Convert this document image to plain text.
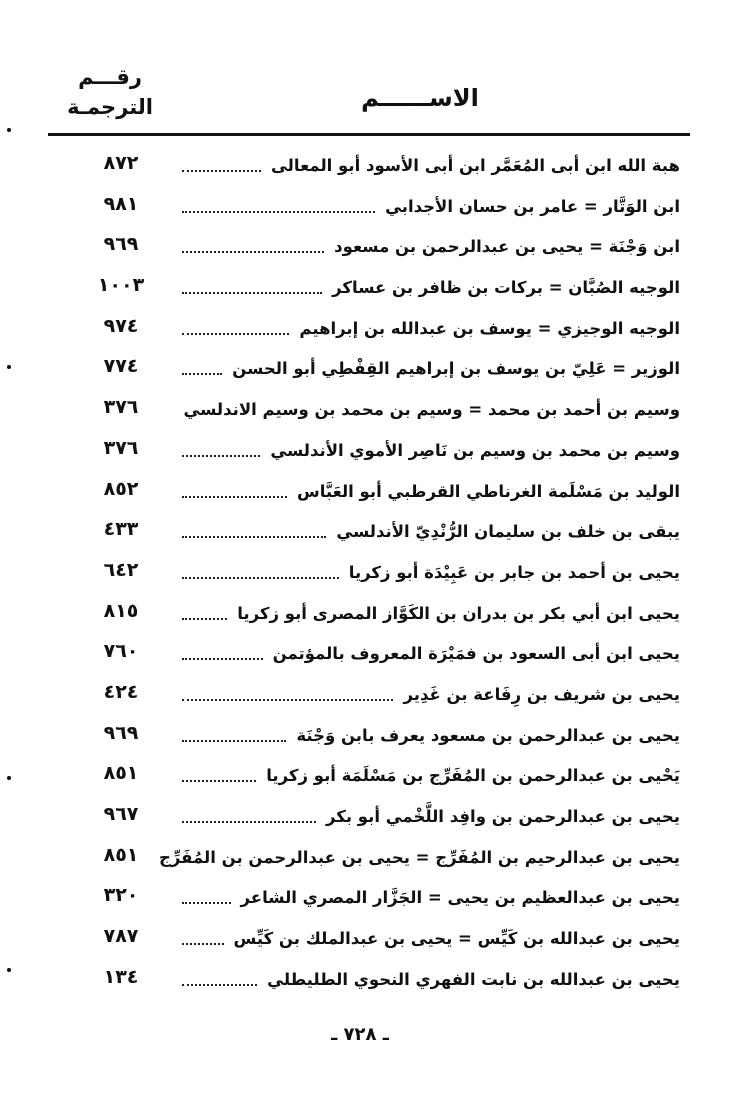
الاســــــم
رقـــم
الترجمـة
هبة الله ابن أبى المُعَمَّر ابن أبى الأسود أبو المعالى
٨٧٢
ابن الوَتَّار = عامر بن حسان الأجدابي
٩٨١
ابن وَجْنَة = يحيى بن عبدالرحمن بن مسعود
٩٦٩
الوجيه الصُبَّان = بركات بن ظافر بن عساكر
١٠٠٣
الوجيه الوجيزي = يوسف بن عبدالله بن إبراهيم
٩٧٤
الوزير = عَلِيّ بن يوسف بن إبراهيم القِفْطِي أبو الحسن
٧٧٤
وسيم بن أحمد بن محمد = وسيم بن محمد بن وسيم الاندلسي
٣٧٦
وسيم بن محمد بن وسيم بن نَاصِر الأموي الأندلسي
٣٧٦
الوليد بن مَسْلَمة الغرناطي القرطبي أبو العَبَّاس
٨٥٢
يبقى بن خلف بن سليمان الرُّنْدِيّ الأندلسي
٤٣٣
يحيى بن أحمد بن جابر بن عَبِيْدَة أبو زكريا
٦٤٢
يحيى ابن أبي بكر بن بدران بن الكَوَّاز المصرى أبو زكريا
٨١٥
يحيى ابن أبى السعود بن فمَيْرَة المعروف بالمؤتمن
٧٦٠
يحيى بن شريف بن رِفَاعة بن غَدِير
٤٢٤
يحيى بن عبدالرحمن بن مسعود يعرف بابن وَجْنَة
٩٦٩
يَحْيى بن عبدالرحمن بن المُفَرِّج بن مَسْلَمَة أبو زكريا
٨٥١
يحيى بن عبدالرحمن بن وافِد اللَّخْمي أبو بكر
٩٦٧
يحيى بن عبدالرحيم بن المُفَرِّج = يحيى بن عبدالرحمن بن المُفَرِّج
٨٥١
يحيى بن عبدالعظيم بن يحيى = الجَزَّار المصري الشاعر
٣٢٠
يحيى بن عبدالله بن كَيِّس = يحيى بن عبدالملك بن كَيِّس
٧٨٧
يحيى بن عبدالله بن نابت الفهري النحوي الطليطلي
١٣٤
ـ ٧٢٨ ـ
